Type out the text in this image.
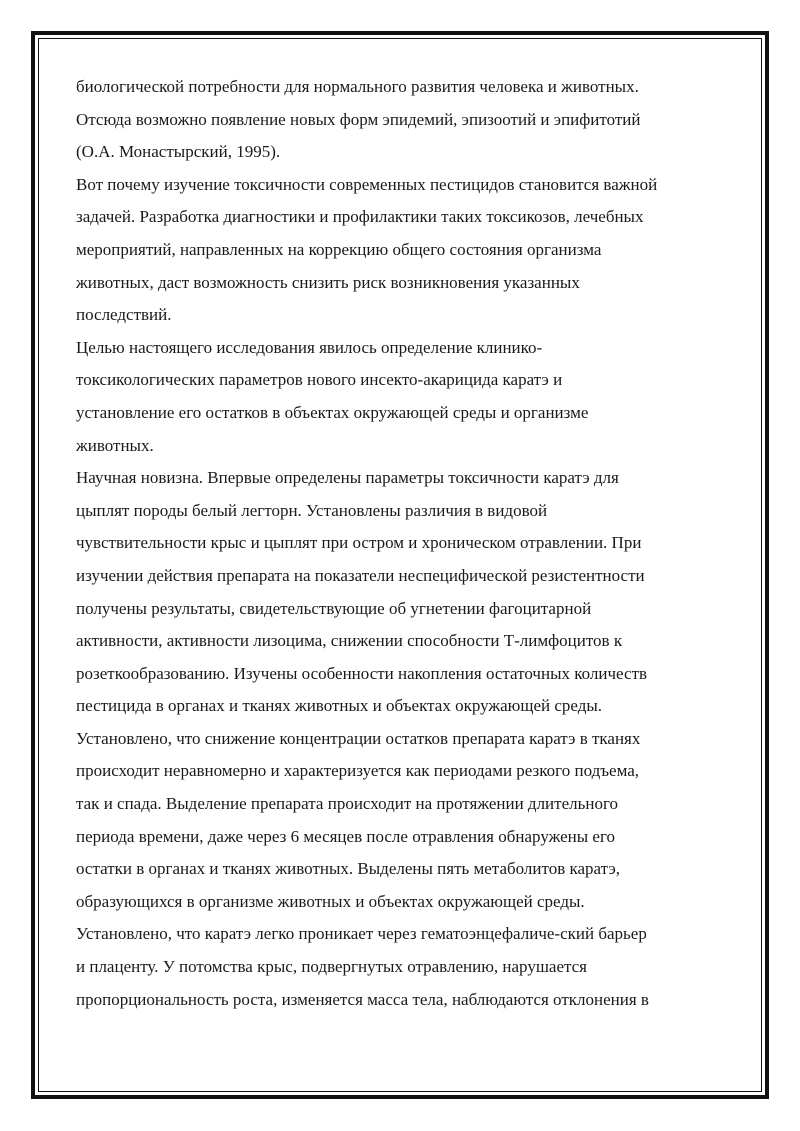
биологической потребности для нормального развития человека и животных.
Отсюда возможно появление новых форм эпидемий, эпизоотий и эпифитотий
(О.А. Монастырский, 1995).
Вот почему изучение токсичности современных пестицидов становится важной
задачей. Разработка диагностики и профилактики таких токсикозов, лечебных
мероприятий, направленных на коррекцию общего состояния организма
животных, даст возможность снизить риск возникновения указанных
последствий.
Целью настоящего исследования явилось определение клинико-
токсикологических параметров нового инсекто-акарицида каратэ и
установление его остатков в объектах окружающей среды и организме
животных.
Научная новизна. Впервые определены параметры токсичности каратэ для
цыплят породы белый легторн. Установлены различия в видовой
чувствительности крыс и цыплят при остром и хроническом отравлении. При
изучении действия препарата на показатели неспецифической резистентности
получены результаты, свидетельствующие об угнетении фагоцитарной
активности, активности лизоцима, снижении способности Т-лимфоцитов к
розеткообразованию. Изучены особенности накопления остаточных количеств
пестицида в органах и тканях животных и объектах окружающей среды.
Установлено, что снижение концентрации остатков препарата каратэ в тканях
происходит неравномерно и характеризуется как периодами резкого подъема,
так и спада. Выделение препарата происходит на протяжении длительного
периода времени, даже через 6 месяцев после отравления обнаружены его
остатки в органах и тканях животных. Выделены пять метаболитов каратэ,
образующихся в организме животных и объектах окружающей среды.
Установлено, что каратэ легко проникает через гематоэнцефаличе-ский барьер
и плаценту. У потомства крыс, подвергнутых отравлению, нарушается
пропорциональность роста, изменяется масса тела, наблюдаются отклонения в
